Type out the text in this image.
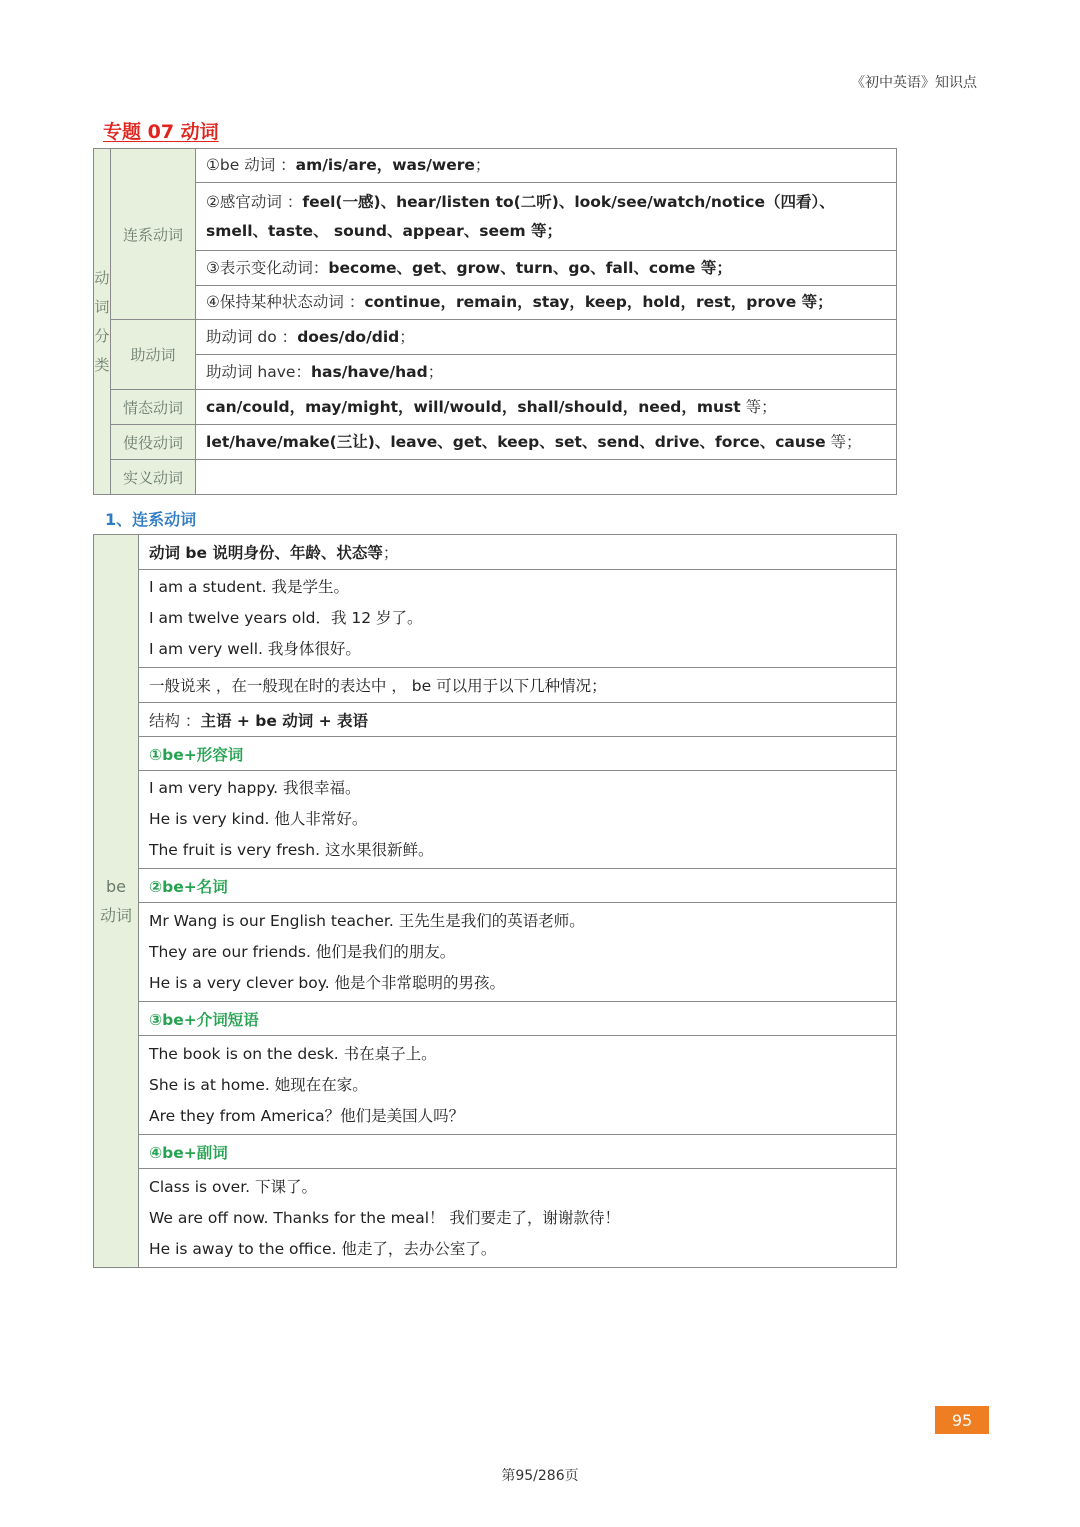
《初中英语》知识点
专题 07 动词
动
词
分
类	连系动词	①be 动词 ：am/is/are，was/were；
		②感官动词 ：feel(一感)、hear/listen to(二听)、look/see/watch/notice（四看）、
smell、taste、 sound、appear、seem 等；
		③表示变化动词：become、get、grow、turn、go、fall、come 等；
		④保持某种状态动词 ：continue，remain，stay，keep，hold，rest，prove 等；
	助动词	助动词 do ：does/do/did；
		助动词 have：has/have/had；
	情态动词	can/could，may/might，will/would，shall/should，need，must 等；
	使役动词	let/have/make(三让)、leave、get、keep、set、send、drive、force、cause 等；
	实义动词	
1、连系动词
be
动词
	动词 be 说明身份、年龄、状态等；

I am a student. 我是学生。
I am twelve years old．我 12 岁了。
I am very well. 我身体很好。

一般说来 ，在一般现在时的表达中 ， be 可以用于以下几种情况；
结构 ：主语 + be 动词 + 表语
①be+形容词

I am very happy. 我很幸福。
He is very kind. 他人非常好。
The fruit is very fresh. 这水果很新鲜。

②be+名词

Mr Wang is our English teacher. 王先生是我们的英语老师。
They are our friends. 他们是我们的朋友。
He is a very clever boy. 他是个非常聪明的男孩。

③be+介词短语

The book is on the desk. 书在桌子上。
She is at home. 她现在在家。
Are they from America？他们是美国人吗？

④be+副词

Class is over. 下课了。
We are off now. Thanks for the meal！ 我们要走了，谢谢款待！
He is away to the office. 他走了，去办公室了。
95
第95/286页
